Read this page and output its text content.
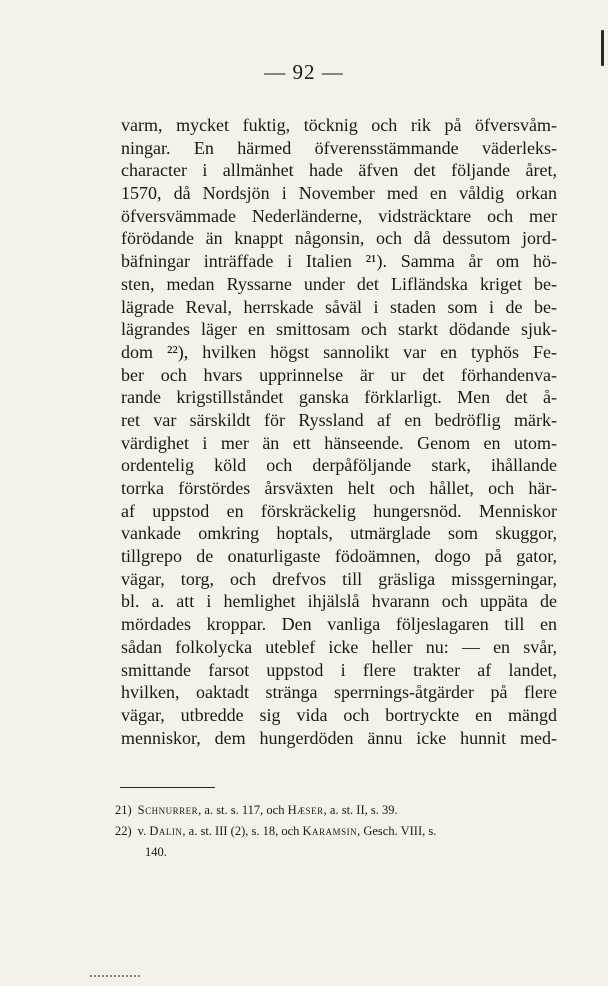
— 92 —
varm, mycket fuktig, töcknig och rik på öfversvåm-
ningar. En härmed öfverensstämmande väderleks-
character i allmänhet hade äfven det följande året,
1570, då Nordsjön i November med en våldig orkan
öfversvämmade Nederländerne, vidsträcktare och mer
förödande än knappt någonsin, och då dessutom jord-
bäfningar inträffade i Italien ²¹). Samma år om hö-
sten, medan Ryssarne under det Lifländska kriget be-
lägrade Reval, herrskade såväl i staden som i de be-
lägrandes läger en smittosam och starkt dödande sjuk-
dom ²²), hvilken högst sannolikt var en typhös Fe-
ber och hvars upprinnelse är ur det förhandenva-
rande krigstillståndet ganska förklarligt. Men det å-
ret var särskildt för Ryssland af en bedröflig märk-
värdighet i mer än ett hänseende. Genom en utom-
ordentelig köld och derpåföljande stark, ihållande
torrka förstördes årsväxten helt och hållet, och här-
af uppstod en förskräckelig hungersnöd. Menniskor
vankade omkring hoptals, utmärglade som skuggor,
tillgrepo de onaturligaste födoämnen, dogo på gator,
vägar, torg, och drefvos till gräsliga missgerningar,
bl. a. att i hemlighet ihjälslå hvarann och uppäta de
mördades kroppar. Den vanliga följeslagaren till en
sådan folkolycka uteblef icke heller nu: — en svår,
smittande farsot uppstod i flere trakter af landet,
hvilken, oaktadt stränga sperrnings-åtgärder på flere
vägar, utbredde sig vida och bortryckte en mängd
menniskor, dem hungerdöden ännu icke hunnit med-
21) Schnurrer, a. st. s. 117, och Hæser, a. st. II, s. 39.
22) v. Dalin, a. st. III (2), s. 18, och Karamsin, Gesch. VIII, s.
140.
